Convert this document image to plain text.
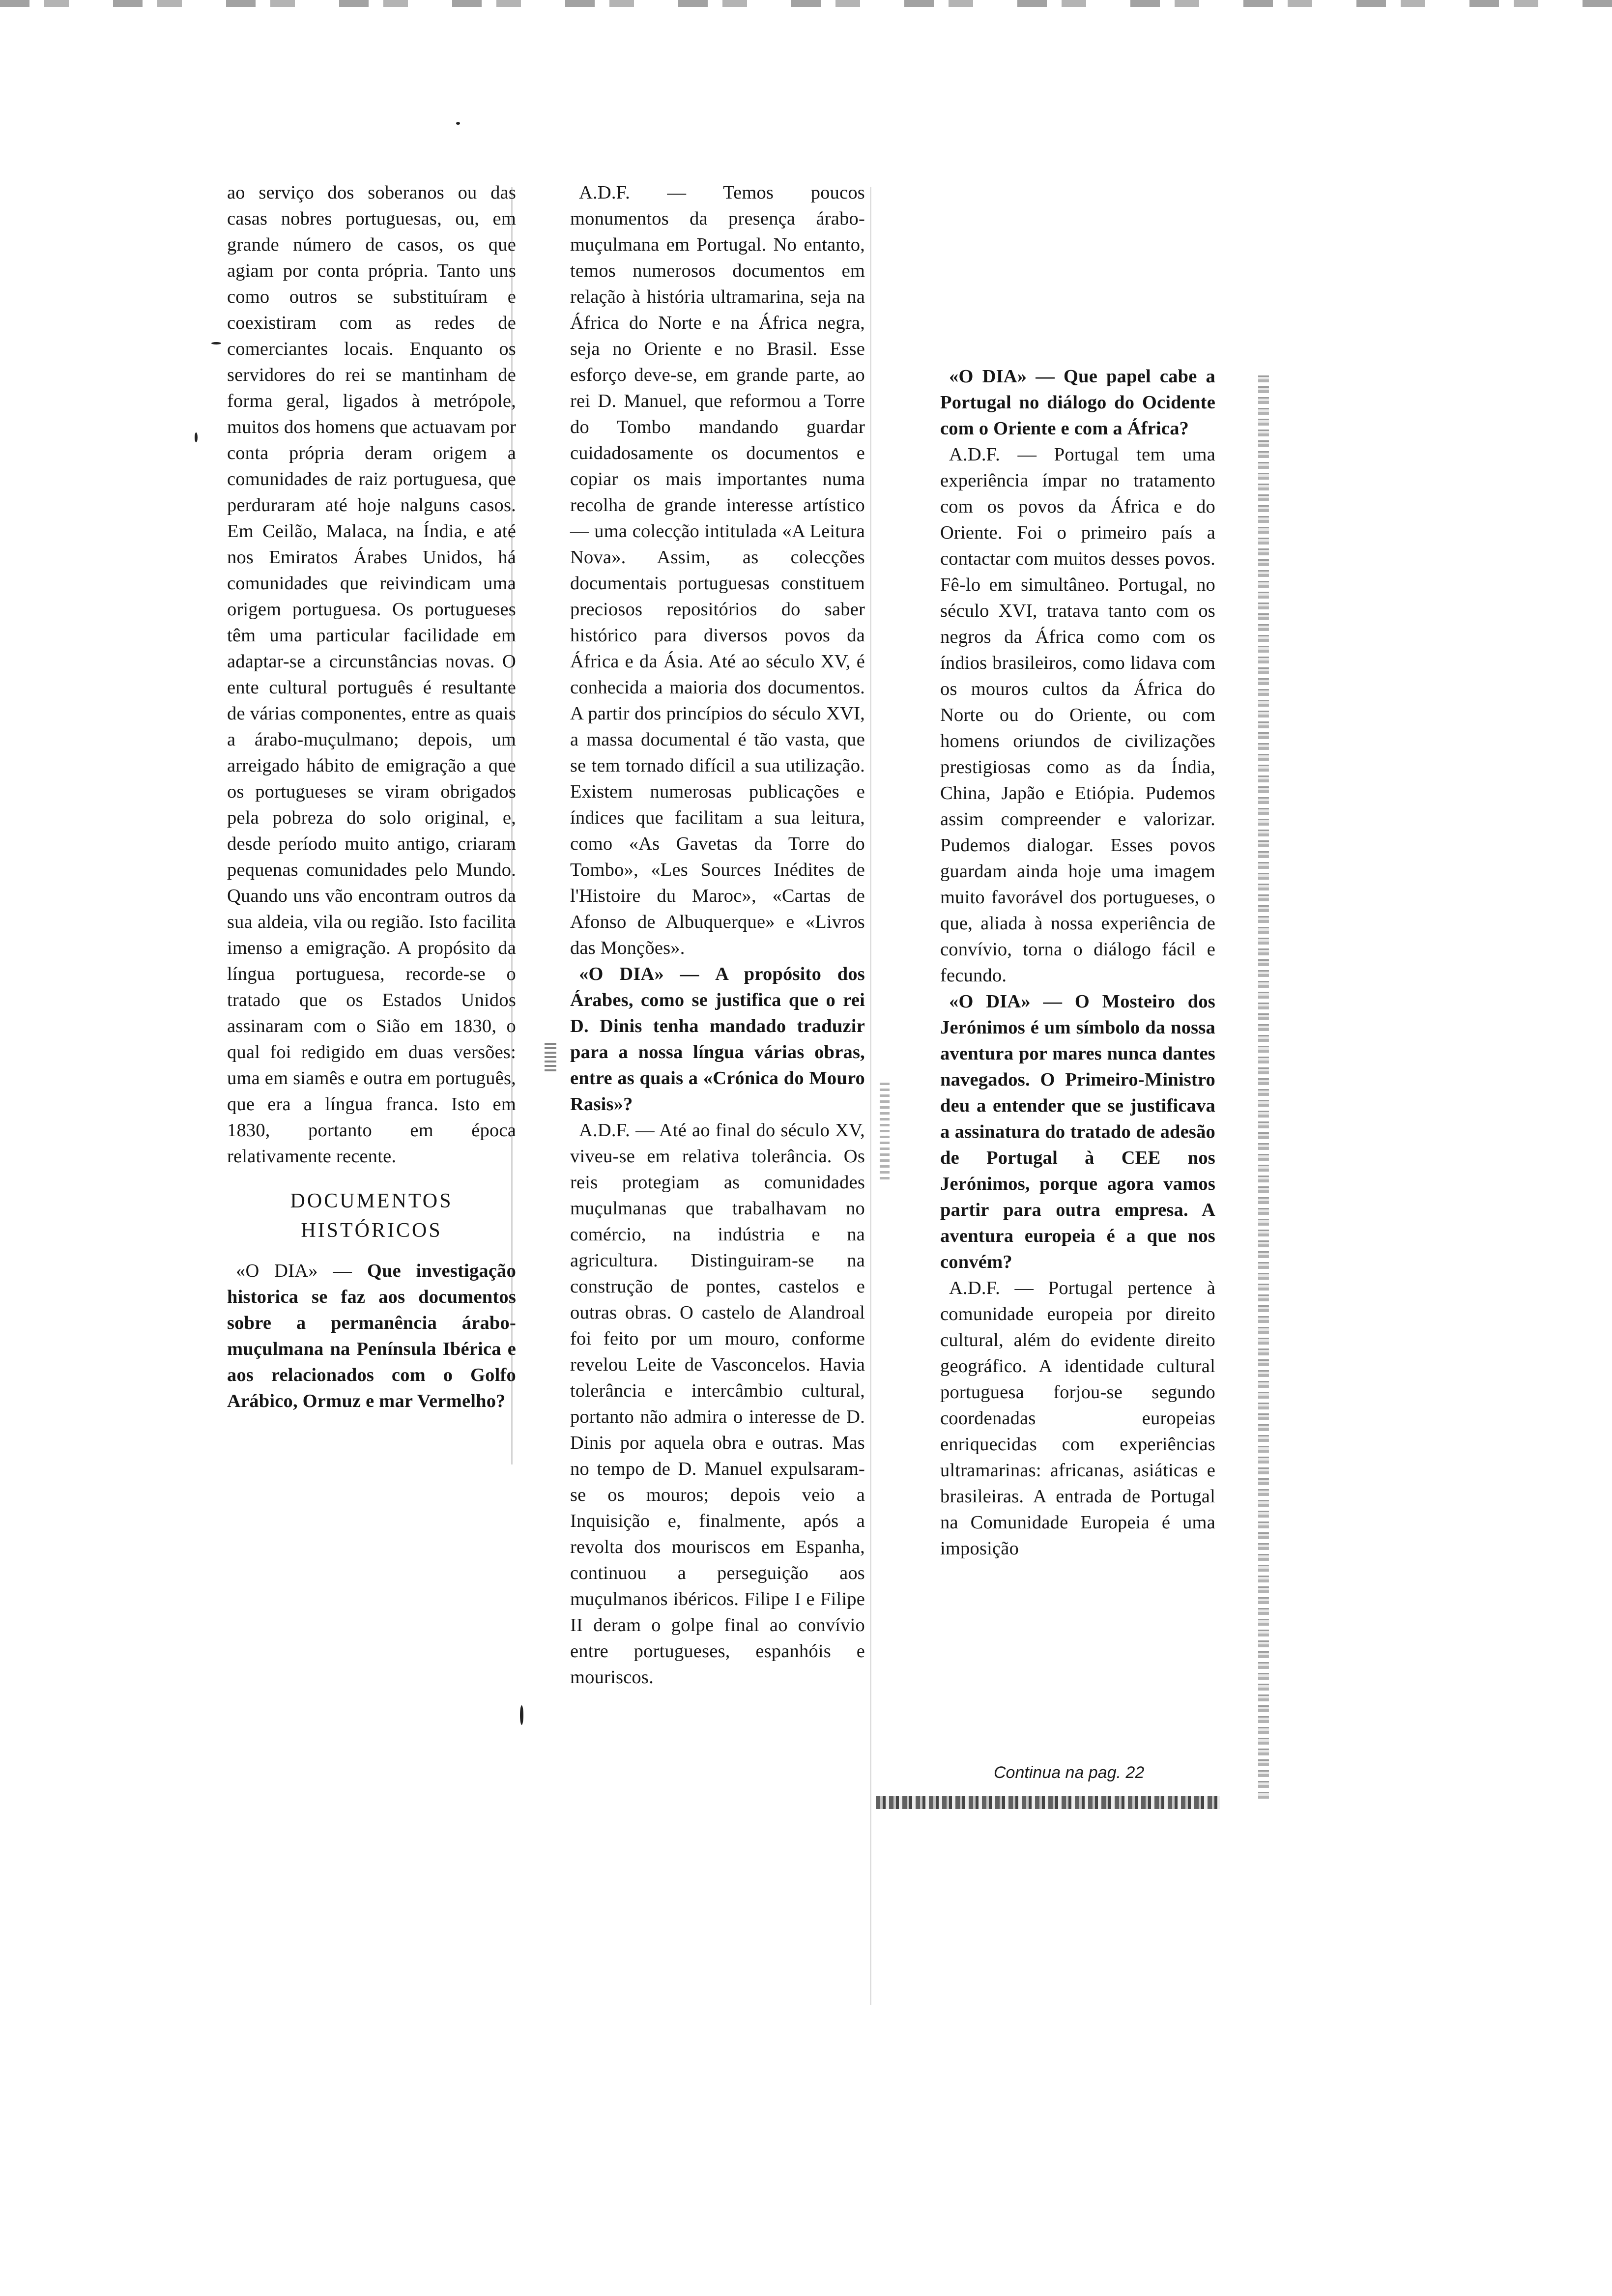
ao serviço dos soberanos ou das casas nobres portuguesas, ou, em grande número de casos, os que agiam por conta própria. Tanto uns como outros se substituíram e coexistiram com as redes de comerciantes locais. Enquanto os servidores do rei se mantinham de forma geral, ligados à metrópole, muitos dos homens que actuavam por conta própria deram origem a comunidades de raiz portuguesa, que perduraram até hoje nalguns casos. Em Ceilão, Malaca, na Índia, e até nos Emiratos Árabes Unidos, há comunidades que reivindicam uma origem portuguesa. Os portugueses têm uma particular facilidade em adaptar-se a circunstâncias novas. O ente cultural português é resultante de várias componentes, entre as quais a árabo-muçulmano; depois, um arreigado hábito de emigração a que os portugueses se viram obrigados pela pobreza do solo original, e, desde período muito antigo, criaram pequenas comunidades pelo Mundo. Quando uns vão encontram outros da sua aldeia, vila ou região. Isto facilita imenso a emigração. A propósito da língua portuguesa, recorde-se o tratado que os Estados Unidos assinaram com o Sião em 1830, o qual foi redigido em duas versões: uma em siamês e outra em português, que era a língua franca. Isto em 1830, portanto em época relativamente recente.

DOCUMENTOS
HISTÓRICOS

«O DIA» — Que investigação historica se faz aos documentos sobre a permanência árabo-muçulmana na Península Ibérica e aos relacionados com o Golfo Arábico, Ormuz e mar Vermelho?

A.D.F. — Temos poucos monumentos da presença árabo-muçulmana em Portugal. No entanto, temos numerosos documentos em relação à história ultramarina, seja na África do Norte e na África negra, seja no Oriente e no Brasil. Esse esforço deve-se, em grande parte, ao rei D. Manuel, que reformou a Torre do Tombo mandando guardar cuidadosamente os documentos e copiar os mais importantes numa recolha de grande interesse artístico — uma colecção intitulada «A Leitura Nova». Assim, as colecções documentais portuguesas constituem preciosos repositórios do saber histórico para diversos povos da África e da Ásia. Até ao século XV, é conhecida a maioria dos documentos. A partir dos princípios do século XVI, a massa documental é tão vasta, que se tem tornado difícil a sua utilização. Existem numerosas publicações e índices que facilitam a sua leitura, como «As Gavetas da Torre do Tombo», «Les Sources Inédites de l'Histoire du Maroc», «Cartas de Afonso de Albuquerque» e «Livros das Monções».

«O DIA» — A propósito dos Árabes, como se justifica que o rei D. Dinis tenha mandado traduzir para a nossa língua várias obras, entre as quais a «Crónica do Mouro Rasis»?

A.D.F. — Até ao final do século XV, viveu-se em relativa tolerância. Os reis protegiam as comunidades muçulmanas que trabalhavam no comércio, na indústria e na agricultura. Distinguiram-se na construção de pontes, castelos e outras obras. O castelo de Alandroal foi feito por um mouro, conforme revelou Leite de Vasconcelos. Havia tolerância e intercâmbio cultural, portanto não admira o interesse de D. Dinis por aquela obra e outras. Mas no tempo de D. Manuel expulsaram-se os mouros; depois veio a Inquisição e, finalmente, após a revolta dos mouriscos em Espanha, continuou a perseguição aos muçulmanos ibéricos. Filipe I e Filipe II deram o golpe final ao convívio entre portugueses, espanhóis e mouriscos.

«O DIA» — Que papel cabe a Portugal no diálogo do Ocidente com o Oriente e com a África?

A.D.F. — Portugal tem uma experiência ímpar no tratamento com os povos da África e do Oriente. Foi o primeiro país a contactar com muitos desses povos. Fê-lo em simultâneo. Portugal, no século XVI, tratava tanto com os negros da África como com os índios brasileiros, como lidava com os mouros cultos da África do Norte ou do Oriente, ou com homens oriundos de civilizações prestigiosas como as da Índia, China, Japão e Etiópia. Pudemos assim compreender e valorizar. Pudemos dialogar. Esses povos guardam ainda hoje uma imagem muito favorável dos portugueses, o que, aliada à nossa experiência de convívio, torna o diálogo fácil e fecundo.

«O DIA» — O Mosteiro dos Jerónimos é um símbolo da nossa aventura por mares nunca dantes navegados. O Primeiro-Ministro deu a entender que se justificava a assinatura do tratado de adesão de Portugal à CEE nos Jerónimos, porque agora vamos partir para outra empresa. A aventura europeia é a que nos convém?

A.D.F. — Portugal pertence à comunidade europeia por direito cultural, além do evidente direito geográfico. A identidade cultural portuguesa forjou-se segundo coordenadas europeias enriquecidas com experiências ultramarinas: africanas, asiáticas e brasileiras. A entrada de Portugal na Comunidade Europeia é uma imposição

Continua na pag. 22
